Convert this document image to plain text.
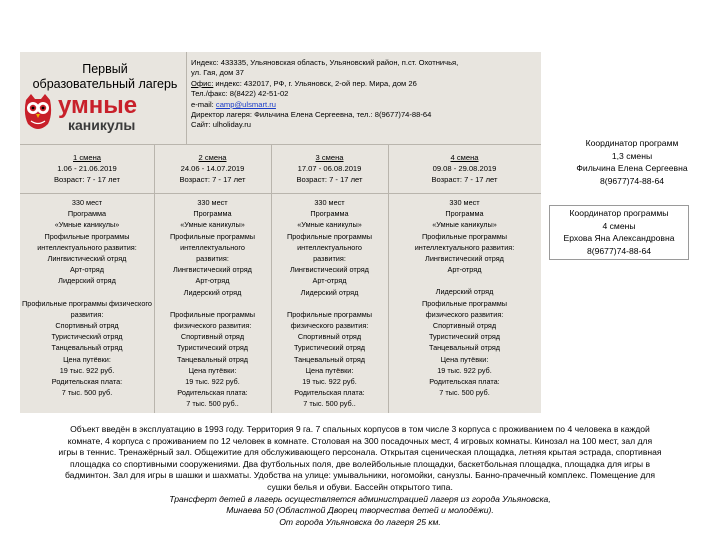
Первый
образовательный лагерь
умные
каникулы
Индекс: 433335, Ульяновская область, Ульяновский район, п.ст. Охотничья,
ул. Гая, дом 37
Офис: индекс: 432017, РФ, г. Ульяновск, 2-ой пер. Мира, дом 26
Тел./факс: 8(8422) 42-51-02
e-mail: camp@ulsmart.ru
Директор лагеря: Фильчина Елена Сергеевна, тел.: 8(9677)74-88-64
Сайт: ulholiday.ru
1 смена
1.06 - 21.06.2019
Возраст: 7 - 17 лет
2 смена
24.06 - 14.07.2019
Возраст: 7 - 17 лет
3 смена
17.07 - 06.08.2019
Возраст: 7 - 17 лет
4 смена
09.08 - 29.08.2019
Возраст: 7 - 17 лет
330 мест
Программа
«Умные каникулы»
Профильные программы
интеллектуального развития:
Лингвистический отряд
Арт-отряд
Лидерский отряд
Профильные программы физического
развития:
Спортивный отряд
Туристический отряд
Танцевальный отряд
Цена путёвки:
19 тыс. 922 руб.
Родительская плата:
7 тыс. 500 руб.
330 мест
Программа
«Умные каникулы»
Профильные программы
интеллектуального
развития:
Лингвистический отряд
Арт-отряд
Лидерский отряд
Профильные программы
физического развития:
Спортивный отряд
Туристический отряд
Танцевальный отряд
Цена путёвки:
19 тыс. 922 руб.
Родительская плата:
7 тыс. 500 руб..
330 мест
Программа
«Умные каникулы»
Профильные программы
интеллектуального
развития:
Лингвистический отряд
Арт-отряд
Лидерский отряд
Профильные программы
физического развития:
Спортивный отряд
Туристический отряд
Танцевальный отряд
Цена путёвки:
19 тыс. 922 руб.
Родительская плата:
7 тыс. 500 руб..
330 мест
Программа
«Умные каникулы»
Профильные программы
интеллектуального развития:
Лингвистический отряд
Арт-отряд
Лидерский отряд
Профильные программы
физического развития:
Спортивный отряд
Туристический отряд
Танцевальный отряд
Цена путёвки:
19 тыс. 922 руб.
Родительская плата:
7 тыс. 500 руб.
Координатор программ
1,3 смены
Фильчина Елена Сергеевна
8(9677)74-88-64
Координатор программы
4 смены
Ерхова Яна Александровна
8(9677)74-88-64
Объект введён в эксплуатацию в 1993 году. Территория 9 га. 7 спальных корпусов в том числе 3 корпуса с проживанием по 4 человека в каждой
комнате, 4 корпуса с проживанием по 12 человек в комнате. Столовая на 300 посадочных мест, 4 игровых комнаты. Кинозал на 100 мест, зал для
игры в теннис. Тренажёрный зал. Общежитие для обслуживающего персонала. Открытая сценическая площадка, летняя крытая эстрада, спортивная
площадка со спортивными сооружениями. Два футбольных поля, две волейбольные площадки, баскетбольная площадка, площадка для игры в
бадминтон. Зал для игры в шашки и шахматы. Удобства на улице: умывальники, ногомойки, санузлы. Банно-прачечный комплекс. Помещение для
сушки белья и обуви. Бассейн открытого типа.
Трансферт детей в лагерь осуществляется администрацией лагеря из города Ульяновска,
Минаева 50 (Областной Дворец творчества детей и молодёжи).
От города Ульяновска до лагеря 25 км.
